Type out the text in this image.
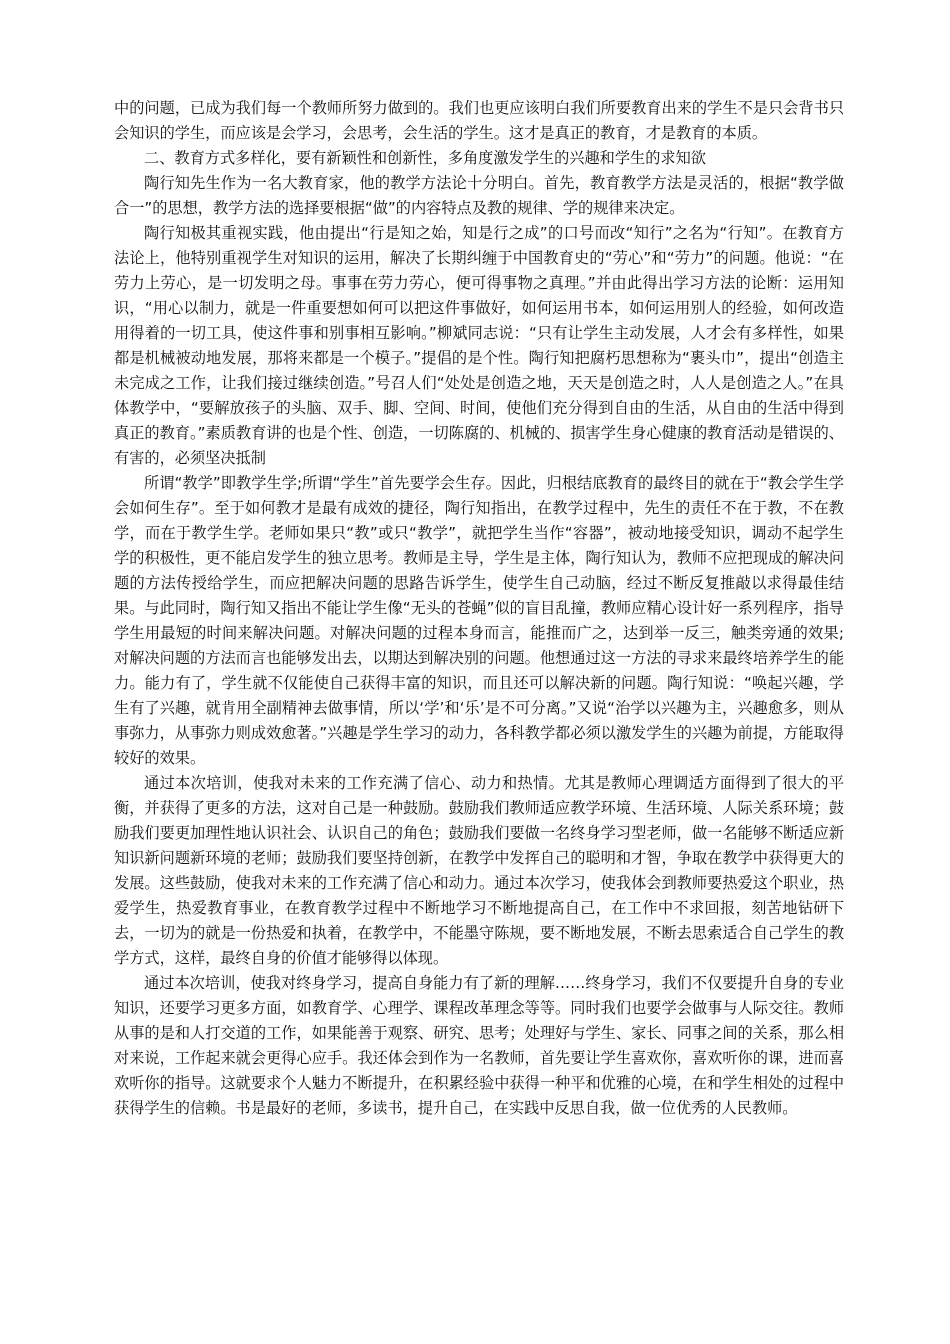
中的问题，已成为我们每一个教师所努力做到的。我们也更应该明白我们所要教育出来的学生不是只会背书只会知识的学生，而应该是会学习，会思考，会生活的学生。这才是真正的教育，才是教育的本质。

二、教育方式多样化，要有新颖性和创新性，多角度激发学生的兴趣和学生的求知欲

陶行知先生作为一名大教育家，他的教学方法论十分明白。首先，教育教学方法是灵活的，根据“教学做合一”的思想，教学方法的选择要根据“做”的内容特点及教的规律、学的规律来决定。

陶行知极其重视实践，他由提出“行是知之始，知是行之成”的口号而改“知行”之名为“行知”。在教育方法论上，他特别重视学生对知识的运用，解决了长期纠缠于中国教育史的“劳心”和“劳力”的问题。他说：“在劳力上劳心，是一切发明之母。事事在劳力劳心，便可得事物之真理。”并由此得出学习方法的论断：运用知识，“用心以制力，就是一件重要想如何可以把这件事做好，如何运用书本，如何运用别人的经验，如何改造用得着的一切工具，使这件事和别事相互影响。”柳斌同志说：“只有让学生主动发展，人才会有多样性，如果都是机械被动地发展，那将来都是一个模子。”提倡的是个性。陶行知把腐朽思想称为“裹头巾”，提出“创造主未完成之工作，让我们接过继续创造。”号召人们“处处是创造之地，天天是创造之时，人人是创造之人。”在具体教学中，“要解放孩子的头脑、双手、脚、空间、时间，使他们充分得到自由的生活，从自由的生活中得到真正的教育。”素质教育讲的也是个性、创造，一切陈腐的、机械的、损害学生身心健康的教育活动是错误的、有害的，必须坚决抵制

所谓“教学”即教学生学;所谓“学生”首先要学会生存。因此，归根结底教育的最终目的就在于“教会学生学会如何生存”。至于如何教才是最有成效的捷径，陶行知指出，在教学过程中，先生的责任不在于教，不在教学，而在于教学生学。老师如果只“教”或只“教学”，就把学生当作“容器”，被动地接受知识，调动不起学生学的积极性，更不能启发学生的独立思考。教师是主导，学生是主体，陶行知认为，教师不应把现成的解决问题的方法传授给学生，而应把解决问题的思路告诉学生，使学生自己动脑，经过不断反复推敲以求得最佳结果。与此同时，陶行知又指出不能让学生像“无头的苍蝇”似的盲目乱撞，教师应精心设计好一系列程序，指导学生用最短的时间来解决问题。对解决问题的过程本身而言，能推而广之，达到举一反三，触类旁通的效果;对解决问题的方法而言也能够发出去，以期达到解决别的问题。他想通过这一方法的寻求来最终培养学生的能力。能力有了，学生就不仅能使自己获得丰富的知识，而且还可以解决新的问题。陶行知说：“唤起兴趣，学生有了兴趣，就肯用全副精神去做事情，所以‘学’和‘乐’是不可分离。”又说“治学以兴趣为主，兴趣愈多，则从事弥力，从事弥力则成效愈著。”兴趣是学生学习的动力，各科教学都必须以激发学生的兴趣为前提，方能取得较好的效果。

通过本次培训，使我对未来的工作充满了信心、动力和热情。尤其是教师心理调适方面得到了很大的平衡，并获得了更多的方法，这对自己是一种鼓励。鼓励我们教师适应教学环境、生活环境、人际关系环境；鼓励我们要更加理性地认识社会、认识自己的角色；鼓励我们要做一名终身学习型老师，做一名能够不断适应新知识新问题新环境的老师；鼓励我们要坚持创新，在教学中发挥自己的聪明和才智，争取在教学中获得更大的发展。这些鼓励，使我对未来的工作充满了信心和动力。通过本次学习，使我体会到教师要热爱这个职业，热爱学生，热爱教育事业，在教育教学过程中不断地学习不断地提高自己，在工作中不求回报，刻苦地钻研下去，一切为的就是一份热爱和执着，在教学中，不能墨守陈规，要不断地发展，不断去思索适合自己学生的教学方式，这样，最终自身的价值才能够得以体现。

通过本次培训，使我对终身学习，提高自身能力有了新的理解……终身学习，我们不仅要提升自身的专业知识，还要学习更多方面，如教育学、心理学、课程改革理念等等。同时我们也要学会做事与人际交往。教师从事的是和人打交道的工作，如果能善于观察、研究、思考；处理好与学生、家长、同事之间的关系，那么相对来说，工作起来就会更得心应手。我还体会到作为一名教师，首先要让学生喜欢你，喜欢听你的课，进而喜欢听你的指导。这就要求个人魅力不断提升，在积累经验中获得一种平和优雅的心境，在和学生相处的过程中获得学生的信赖。书是最好的老师，多读书，提升自己，在实践中反思自我，做一位优秀的人民教师。
